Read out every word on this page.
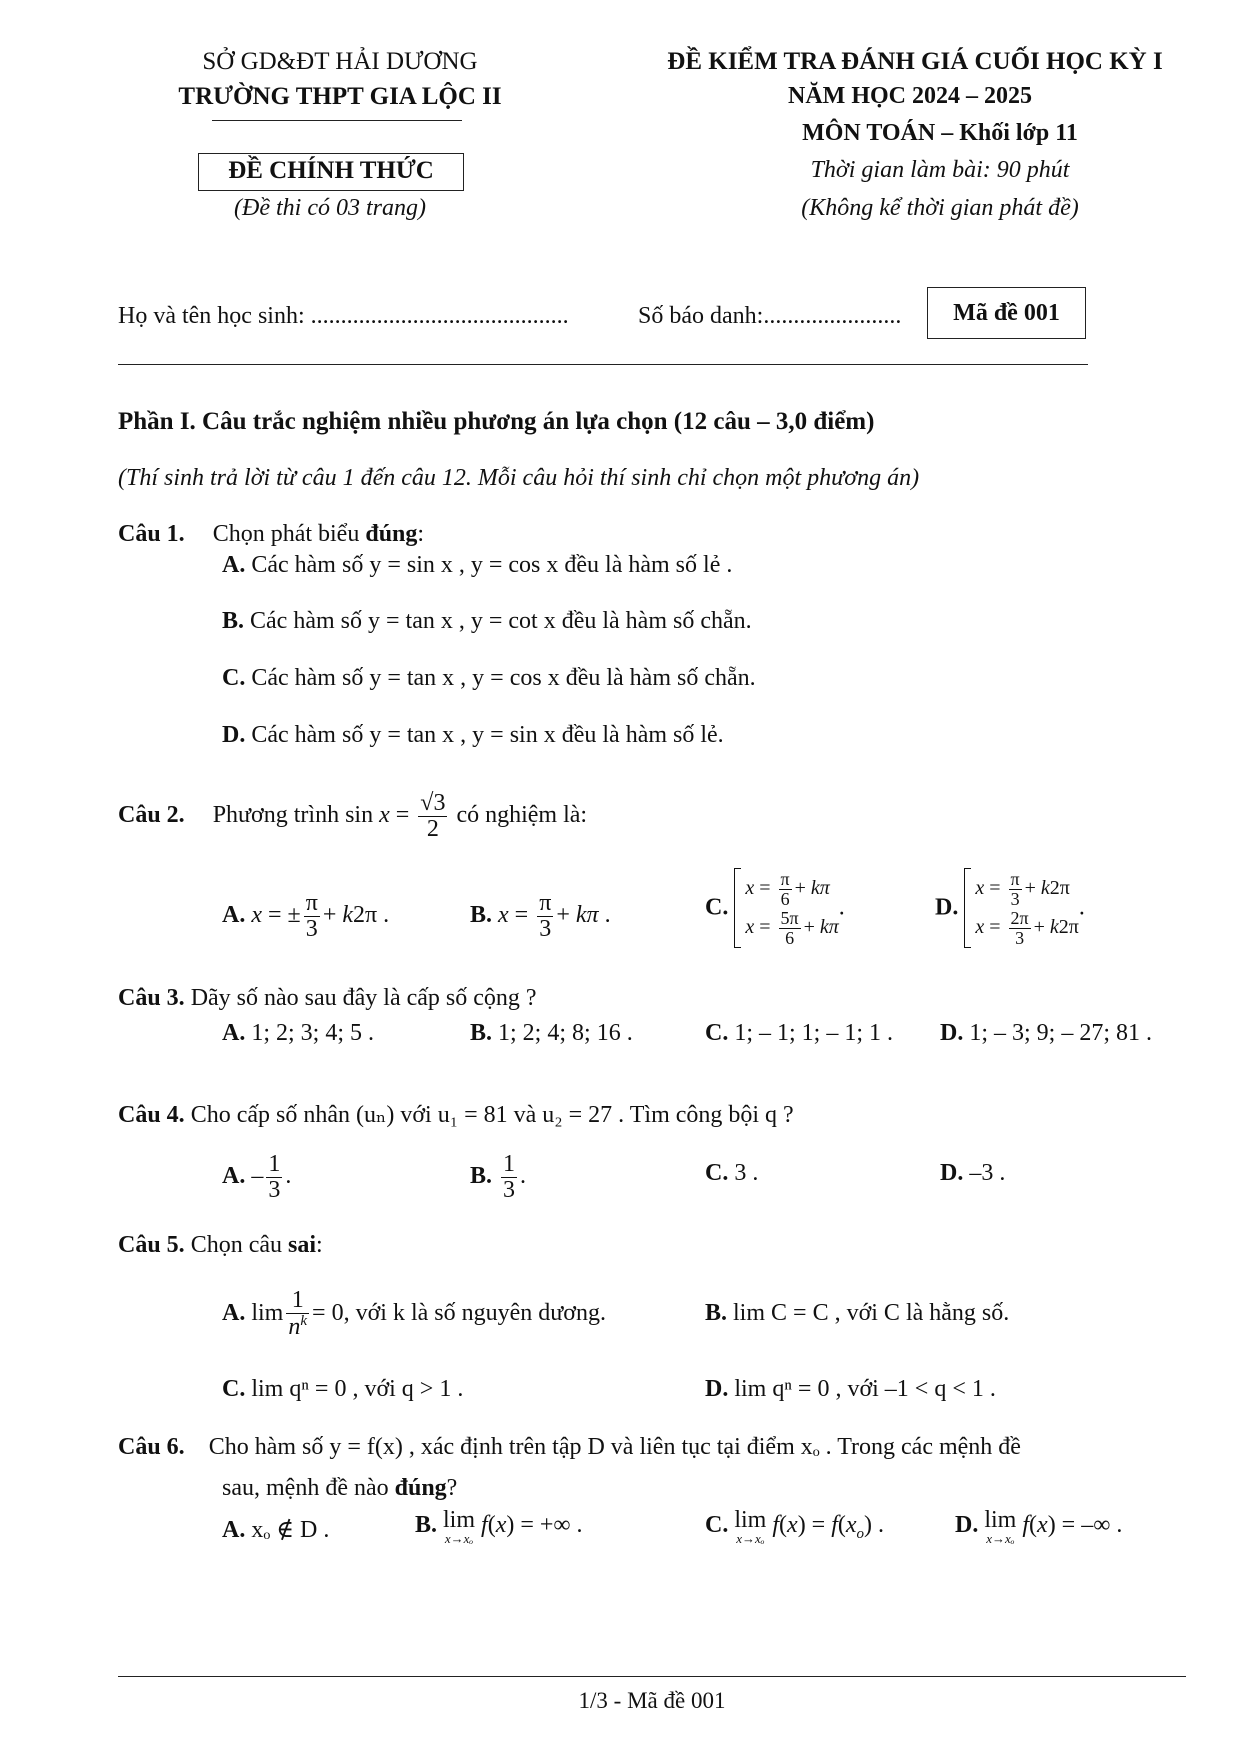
SỞ GD&ĐT HẢI DƯƠNG
TRƯỜNG THPT GIA LỘC II
ĐỀ CHÍNH THỨC
(Đề thi có 03 trang)
ĐỀ KIỂM TRA ĐÁNH GIÁ CUỐI HỌC KỲ I
NĂM HỌC 2024 – 2025
MÔN TOÁN – Khối lớp 11
Thời gian làm bài: 90 phút
(Không kể thời gian phát đề)
Họ và tên học sinh: ...........................................	Số báo danh:.......................	Mã đề 001
Phần I. Câu trắc nghiệm nhiều phương án lựa chọn (12 câu – 3,0 điểm)
(Thí sinh trả lời từ câu 1 đến câu 12. Mỗi câu hỏi thí sinh chỉ chọn một phương án)
Câu 1. Chọn phát biểu đúng:
A. Các hàm số y = sin x , y = cos x đều là hàm số lẻ .
B. Các hàm số y = tan x , y = cot x đều là hàm số chẵn.
C. Các hàm số y = tan x , y = cos x đều là hàm số chẵn.
D. Các hàm số y = tan x , y = sin x đều là hàm số lẻ.
Câu 2. Phương trình $\sin x = \frac{√3}{2}$ có nghiệm là:
A. x = ± $\frac{\pi}{3} + k2\pi$ .	B. $x = \frac{\pi}{3} + k\pi$ .	C.
$x = \frac{\pi}{6} + k\pi$
$x = \frac{5\pi}{6} + k\pi$
.	D.
$x = \frac{\pi}{3} + k2\pi$
$x = \frac{2\pi}{3} + k2\pi$
.
Câu 3. Dãy số nào sau đây là cấp số cộng ?
A. 1; 2; 3; 4; 5 .	B. 1; 2; 4; 8; 16 .	C. 1; – 1; 1; – 1; 1 . D. 1; – 3; 9; – 27; 81 .
Câu 4. Cho cấp số nhân (uₙ) với u₁ = 81 và u₂ = 27 . Tìm công bội q ?
A. – $\frac{1}{3}$ .	B. $\frac{1}{3}$ .	C. 3 .	D. –3 .
Câu 5. Chọn câu sai:
A. $\lim \frac{1}{n^k} = 0$, với k là số nguyên dương.	B. lim C = C , với C là hằng số.
C. lim qⁿ = 0 , với q > 1 .	D. lim qⁿ = 0 , với –1 < q < 1 .
Câu 6. Cho hàm số y = f(x) , xác định trên tập D và liên tục tại điểm xₒ . Trong các mệnh đề
sau, mệnh đề nào đúng?
A. xₒ ∉ D .	B. lim
x→xₒ
f(x) = +∞ .	C. lim
x→xₒ
$f(x) = f(x_o)$ .	D. lim
x→xₒ
f(x) = –∞ .
1/3 - Mã đề 001
